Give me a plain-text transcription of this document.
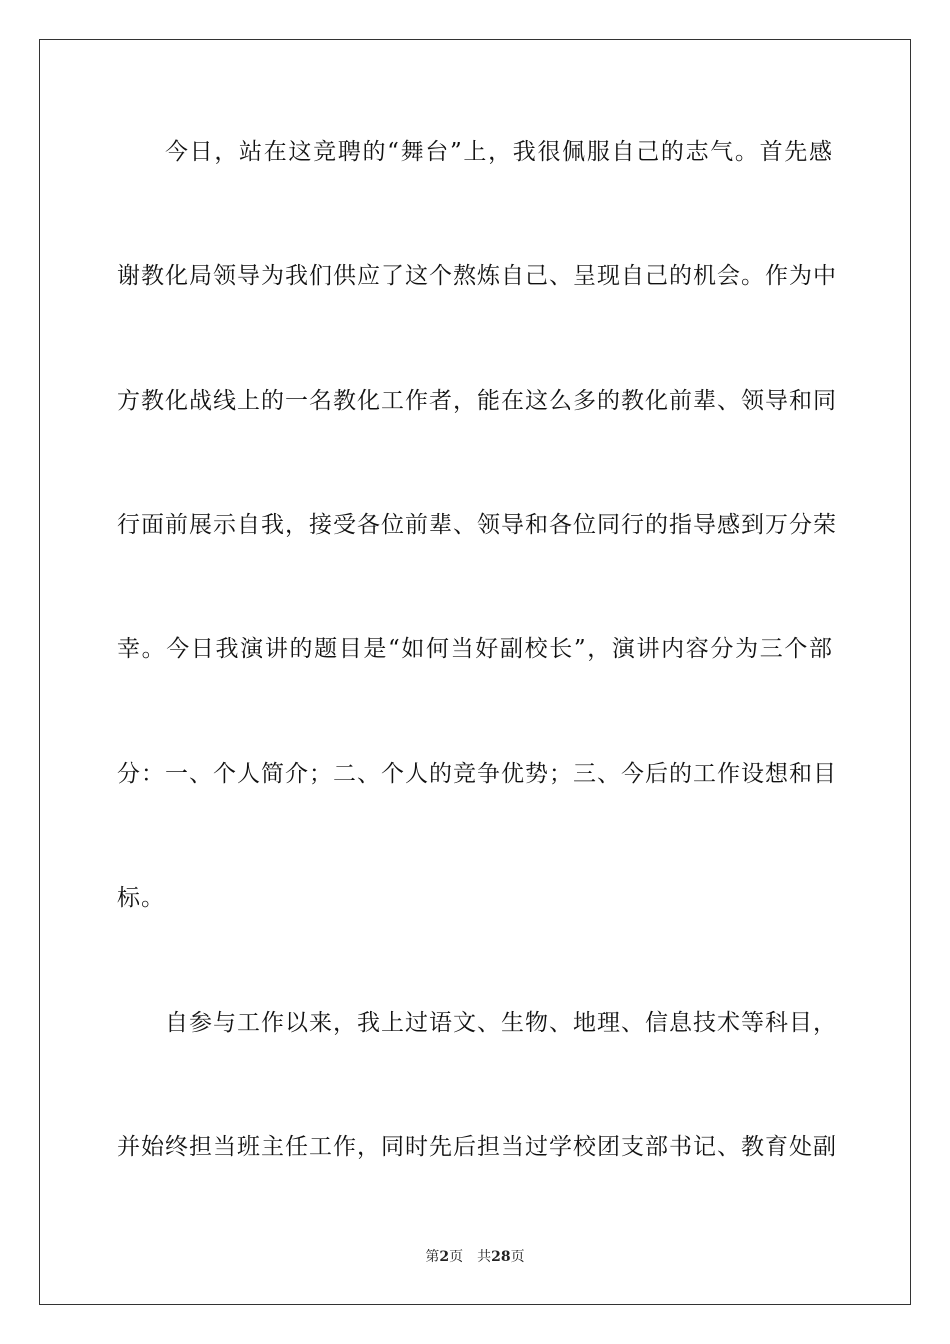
今日，站在这竞聘的“舞台”上，我很佩服自己的志气。首先感
谢教化局领导为我们供应了这个熬炼自己、呈现自己的机会。作为中
方教化战线上的一名教化工作者，能在这么多的教化前辈、领导和同
行面前展示自我，接受各位前辈、领导和各位同行的指导感到万分荣
幸。今日我演讲的题目是“如何当好副校长”，演讲内容分为三个部
分：一、个人简介；二、个人的竞争优势；三、今后的工作设想和目
标。
自参与工作以来，我上过语文、生物、地理、信息技术等科目，
并始终担当班主任工作，同时先后担当过学校团支部书记、教育处副
第2页 共28页
